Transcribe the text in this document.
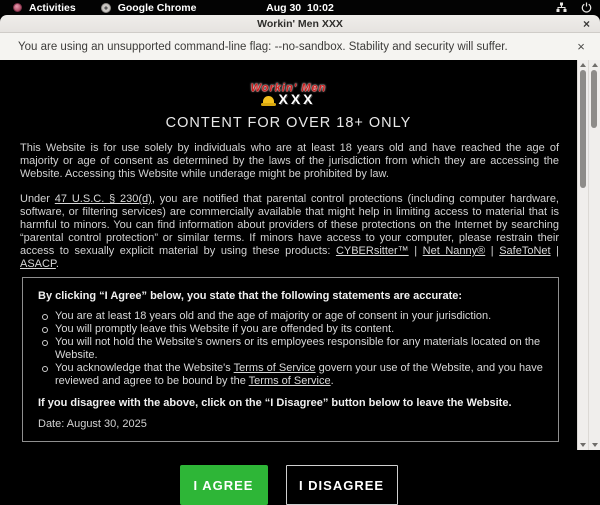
Activities	Google Chrome	Aug 30  10:02
Workin' Men XXX	×
You are using an unsupported command-line flag: --no-sandbox. Stability and security will suffer.	×
Workin' Men
XXX
CONTENT FOR OVER 18+ ONLY

This Website is for use solely by individuals who are at least 18 years old and have reached the age of majority or age of consent as determined by the laws of the jurisdiction from which they are accessing the Website. Accessing this Website while underage might be prohibited by law.

Under 47 U.S.C. § 230(d), you are notified that parental control protections (including computer hardware, software, or filtering services) are commercially available that might help in limiting access to material that is harmful to minors. You can find information about providers of these protections on the Internet by searching “parental control protection” or similar terms. If minors have access to your computer, please restrain their access to sexually explicit material by using these products: CYBERsitter™ | Net Nanny® | SafeToNet | ASACP.

By clicking “I Agree” below, you state that the following statements are accurate:
You are at least 18 years old and the age of majority or age of consent in your jurisdiction.
You will promptly leave this Website if you are offended by its content.
You will not hold the Website's owners or its employees responsible for any materials located on the Website.
You acknowledge that the Website's Terms of Service govern your use of the Website, and you have reviewed and agree to be bound by the Terms of Service.
If you disagree with the above, click on the “I Disagree” button below to leave the Website.
Date: August 30, 2025
I AGREE	I DISAGREE
